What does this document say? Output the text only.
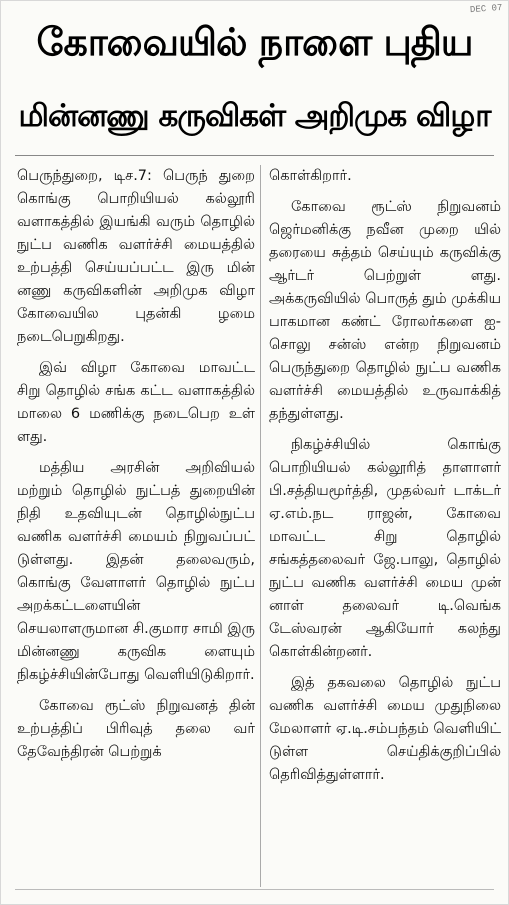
DEC 07
கோவையில் நாளை புதிய
மின்னணு கருவிகள் அறிமுக விழா

பெருந்துறை, டிச.7: பெருந் துறை கொங்கு பொறியியல் கல்லூரி வளாகத்தில் இயங்கி வரும் தொழில் நுட்ப வணிக வளர்ச்சி மையத்தில் உற்பத்தி செய்யப்பட்ட இரு மின் னணு கருவிகளின் அறிமுக விழா கோவையில புதன்கி ழமை நடைபெறுகிறது.

இவ் விழா கோவை மாவட்ட சிறு தொழில் சங்க கட்ட வளாகத்தில் மாலை 6 மணிக்கு நடைபெற உள் ளது.

மத்திய அரசின் அறிவியல் மற்றும் தொழில் நுட்பத் துறையின் நிதி உதவியுடன் தொழில்நுட்ப வணிக வளர்ச்சி மையம் நிறுவப்பட் டுள்ளது. இதன் தலைவரும், கொங்கு வேளாளர் தொழில் நுட்ப அறக்கட்டளையின் செயலாளருமான சி.குமார சாமி இரு மின்னணு கருவிக ளையும் நிகழ்ச்சியின்போது வெளியிடுகிறார்.

கோவை ரூட்ஸ் நிறுவனத் தின் உற்பத்திப் பிரிவுத் தலை வர் தேவேந்திரன் பெற்றுக்

கொள்கிறார்.

கோவை ரூட்ஸ் நிறுவனம் ஜெர்மனிக்கு நவீன முறை யில் தரையை சுத்தம் செய்யும் கருவிக்கு ஆர்டர் பெற்றுள் ளது. அக்கருவியில் பொருத் தும் முக்கிய பாகமான கண்ட் ரோலர்களை ஐ-சொலு சன்ஸ் என்ற நிறுவனம் பெருந்துறை தொழில் நுட்ப வணிக வளர்ச்சி மையத்தில் உருவாக்கித் தந்துள்ளது.

நிகழ்ச்சியில் கொங்கு பொறியியல் கல்லூரித் தாளாளர் பி.சத்தியமூர்த்தி, முதல்வர் டாக்டர் ஏ.எம்.நட ராஜன், கோவை மாவட்ட சிறு தொழில் சங்கத்தலைவர் ஜே.பாலு, தொழில் நுட்ப வணிக வளர்ச்சி மைய முன் னாள் தலைவர் டி.வெங்க டேஸ்வரன் ஆகியோர் கலந்து கொள்கின்றனர்.

இத் தகவலை தொழில் நுட்ப வணிக வளர்ச்சி மைய முதுநிலை மேலாளர் ஏ.டி.சம்பந்தம் வெளியிட் டுள்ள செய்திக்குறிப்பில் தெரிவித்துள்ளார்.
